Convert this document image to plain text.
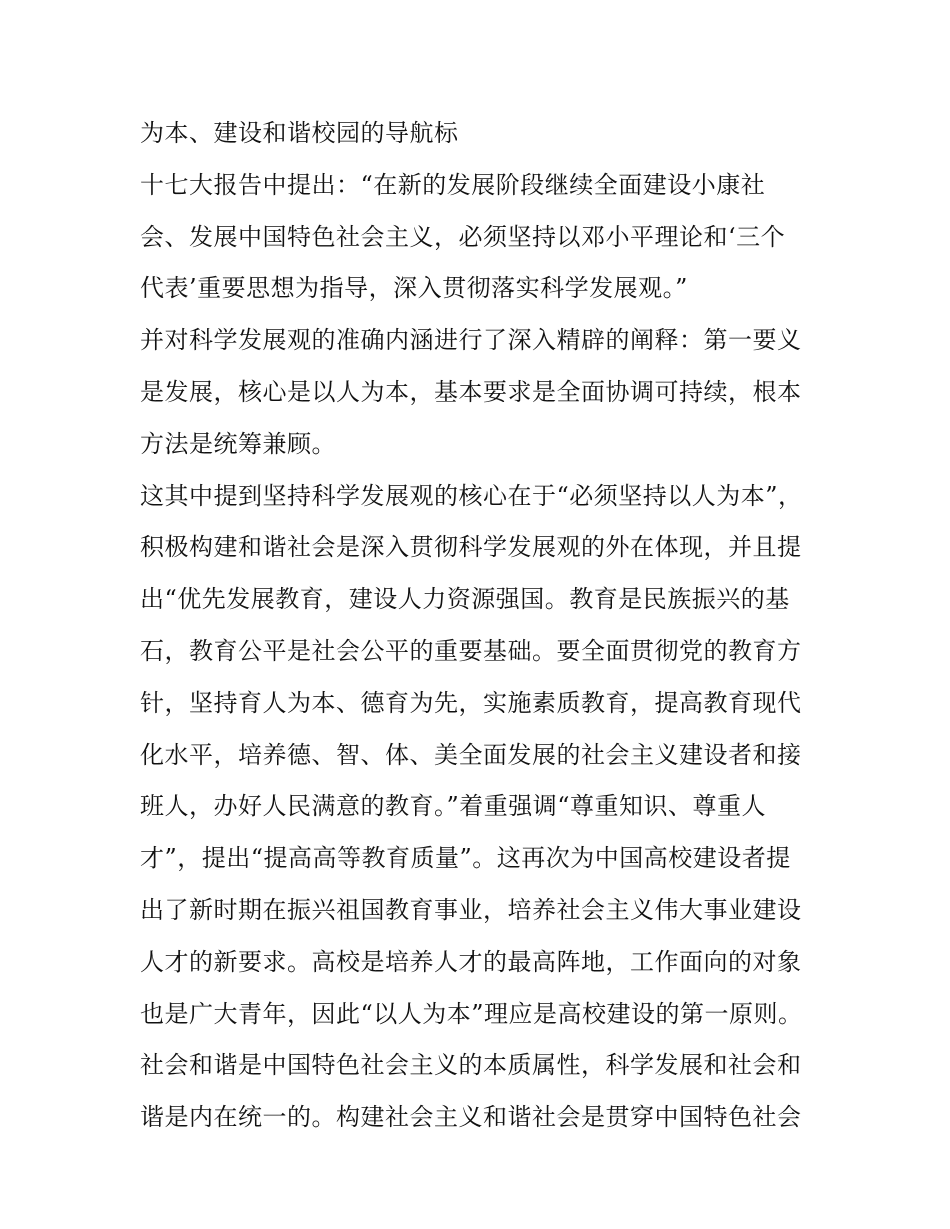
为本、建设和谐校园的导航标
十七大报告中提出：“在新的发展阶段继续全面建设小康社
会、发展中国特色社会主义，必须坚持以邓小平理论和‘三个
代表’重要思想为指导，深入贯彻落实科学发展观。”
并对科学发展观的准确内涵进行了深入精辟的阐释：第一要义
是发展，核心是以人为本，基本要求是全面协调可持续，根本
方法是统筹兼顾。
这其中提到坚持科学发展观的核心在于“必须坚持以人为本”，
积极构建和谐社会是深入贯彻科学发展观的外在体现，并且提
出“优先发展教育，建设人力资源强国。教育是民族振兴的基
石，教育公平是社会公平的重要基础。要全面贯彻党的教育方
针，坚持育人为本、德育为先，实施素质教育，提高教育现代
化水平，培养德、智、体、美全面发展的社会主义建设者和接
班人，办好人民满意的教育。”着重强调“尊重知识、尊重人
才”，提出“提高高等教育质量”。这再次为中国高校建设者提
出了新时期在振兴祖国教育事业，培养社会主义伟大事业建设
人才的新要求。高校是培养人才的最高阵地，工作面向的对象
也是广大青年，因此“以人为本”理应是高校建设的第一原则。
社会和谐是中国特色社会主义的本质属性，科学发展和社会和
谐是内在统一的。构建社会主义和谐社会是贯穿中国特色社会
